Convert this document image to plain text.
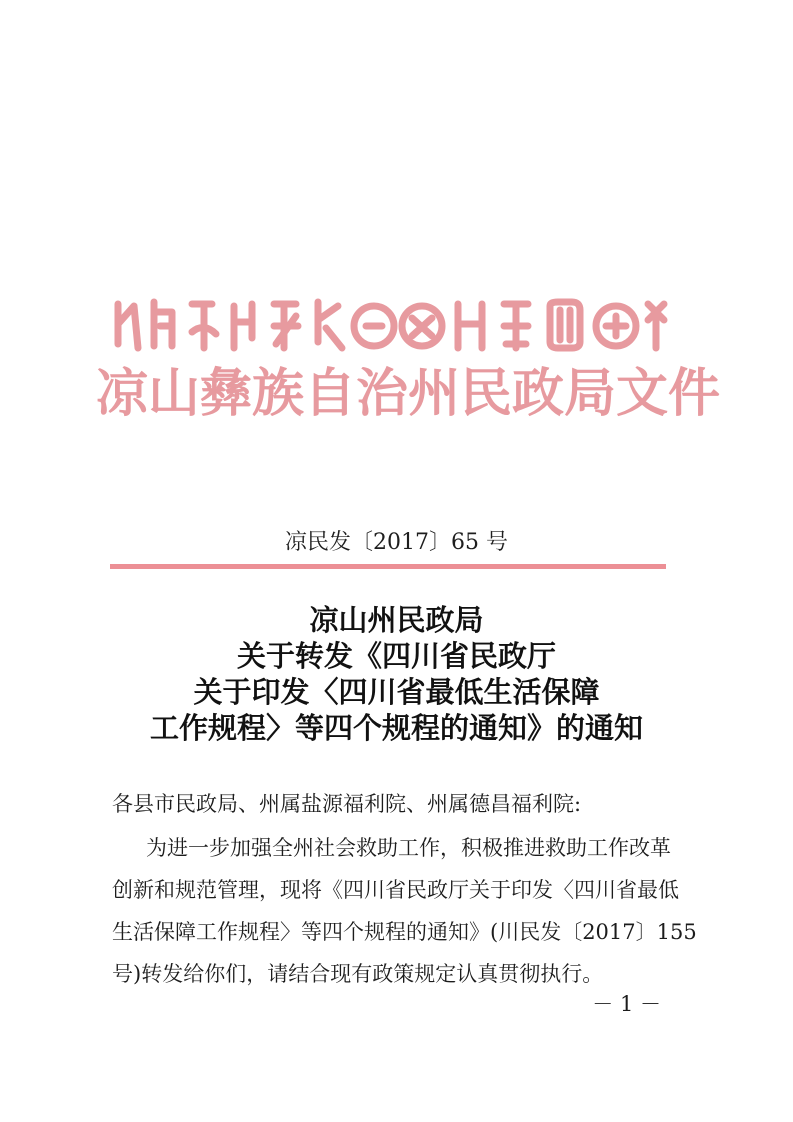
凉山彝族自治州民政局文件
凉民发〔2017〕65 号
凉山州民政局
关于转发《四川省民政厅
关于印发〈四川省最低生活保障
工作规程〉等四个规程的通知》的通知
各县市民政局、州属盐源福利院、州属德昌福利院:
为进一步加强全州社会救助工作，积极推进救助工作改革
创新和规范管理，现将《四川省民政厅关于印发〈四川省最低
生活保障工作规程〉等四个规程的通知》(川民发〔2017〕155
号)转发给你们，请结合现有政策规定认真贯彻执行。
－ 1 －
